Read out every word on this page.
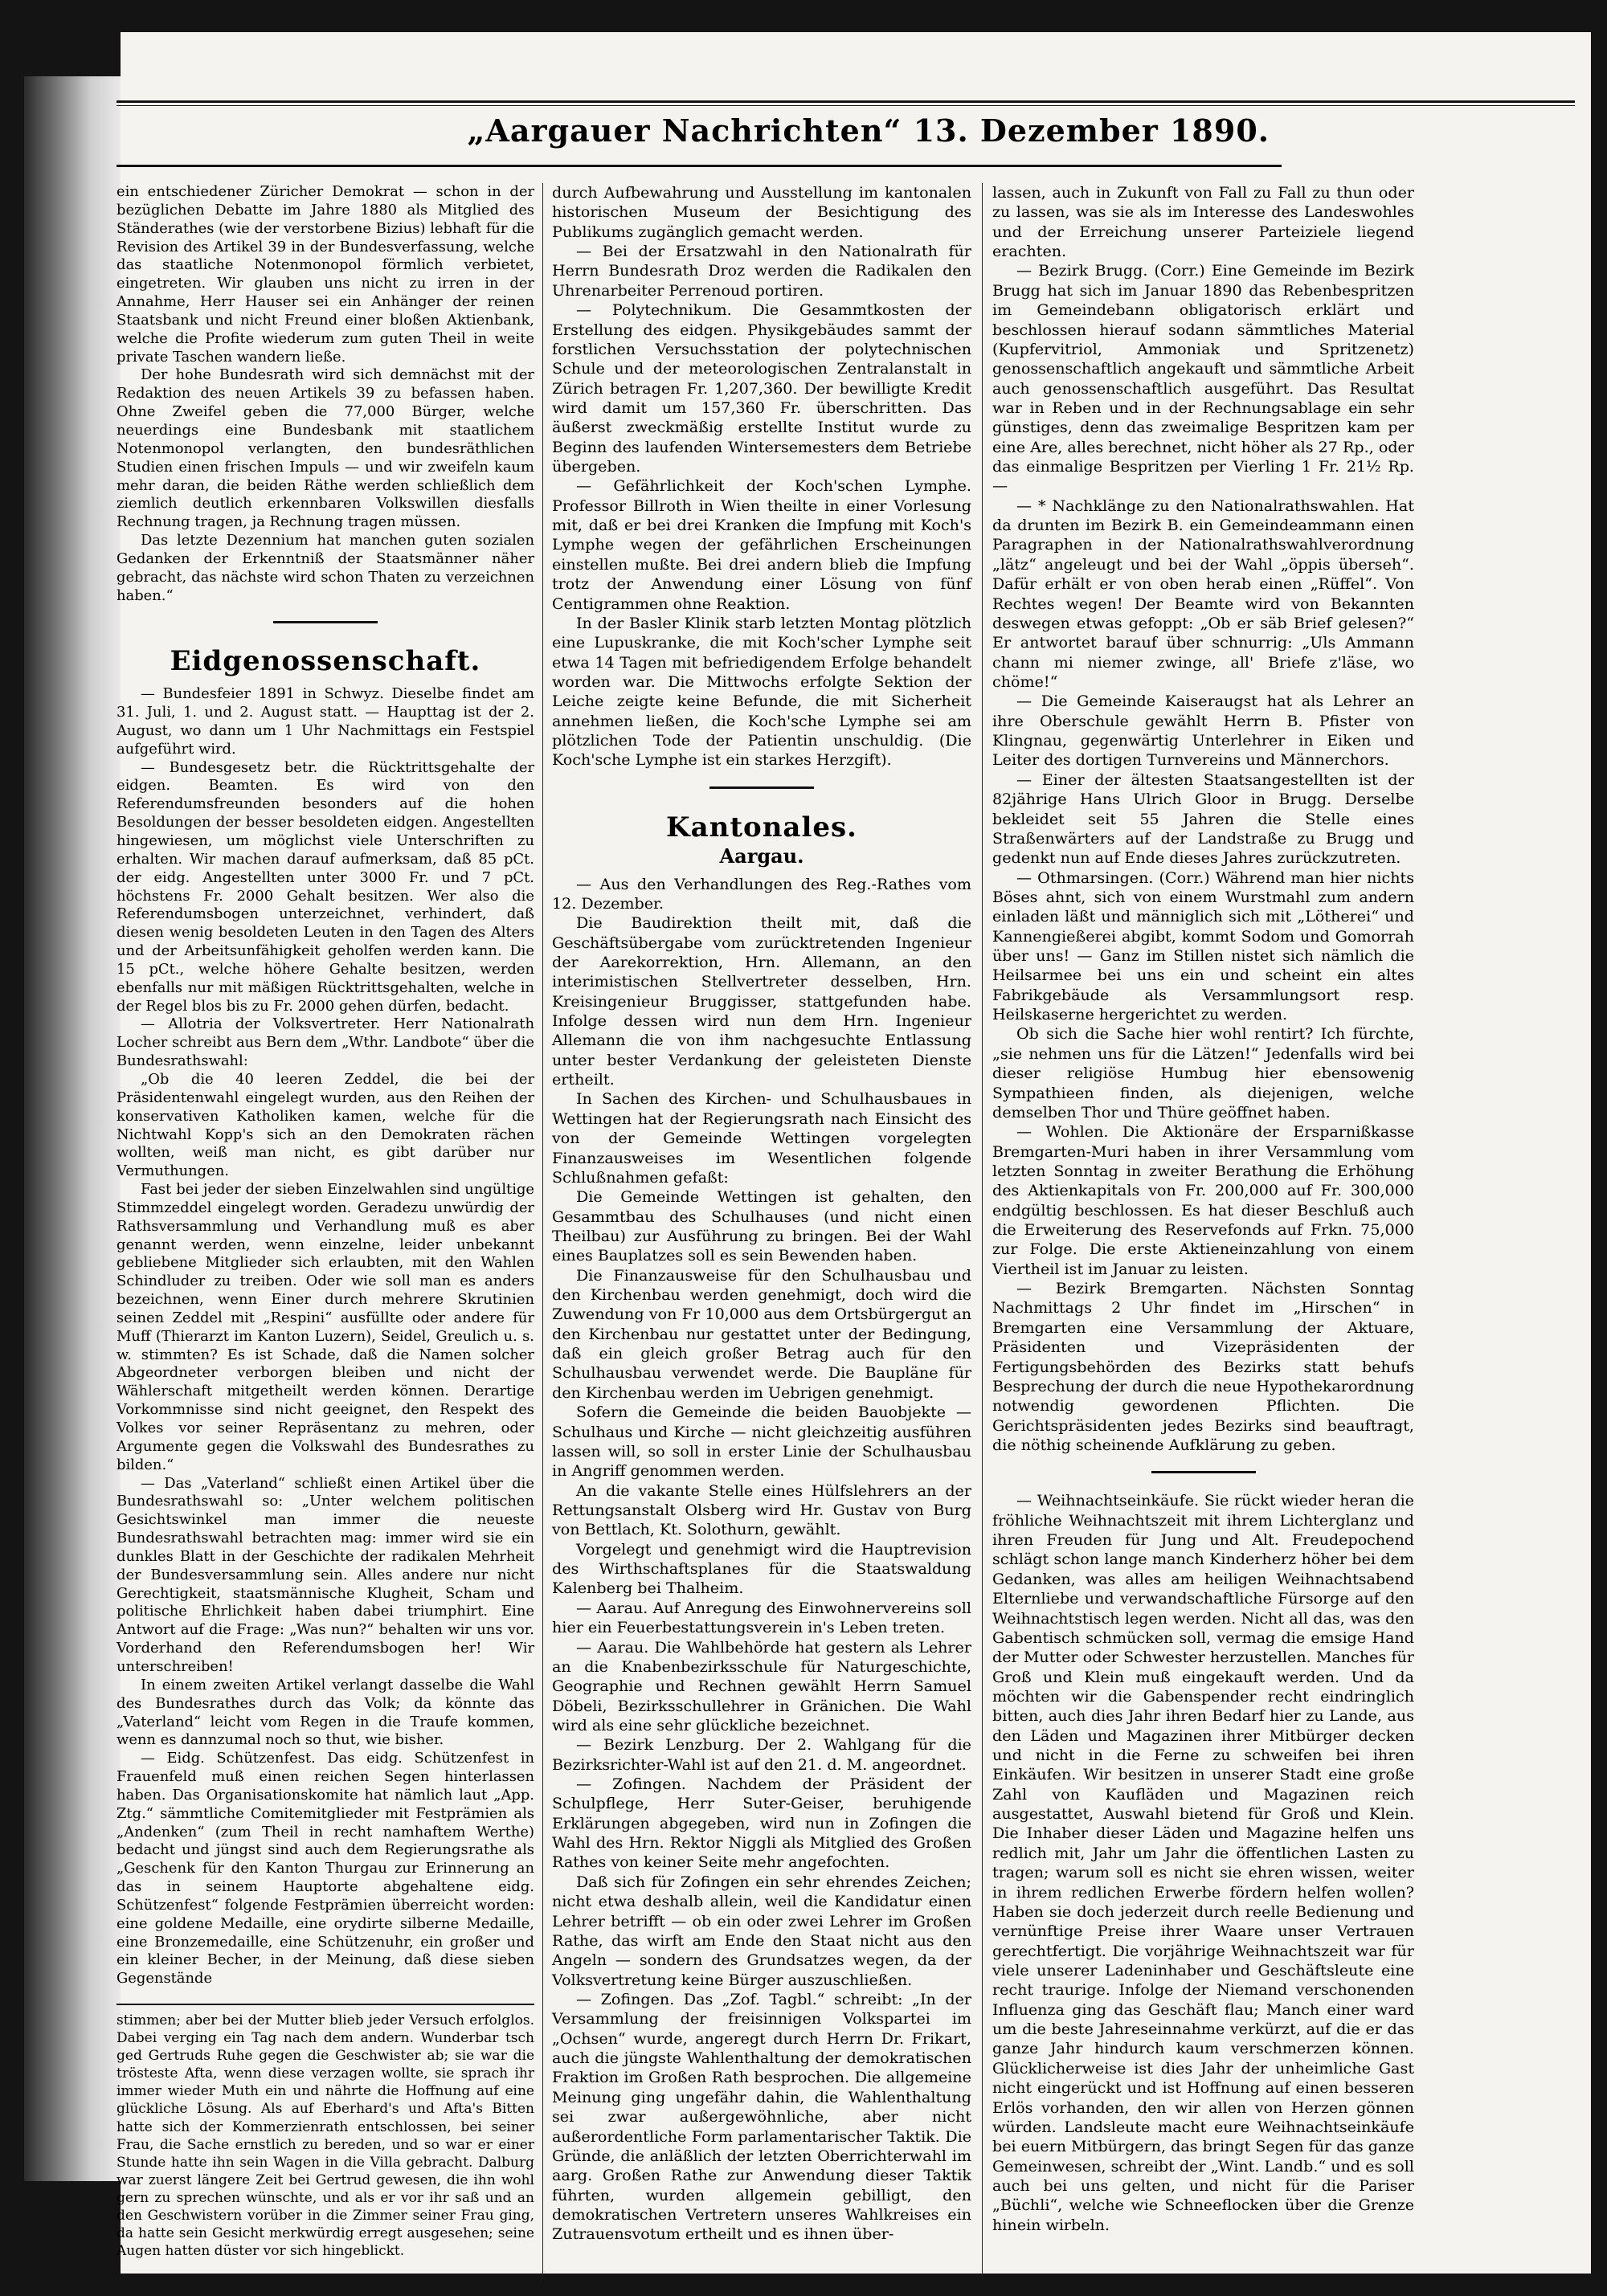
„Aargauer Nachrichten“ 13. Dezember 1890.

ein entschiedener Züricher Demokrat — schon in der bezüglichen Debatte im Jahre 1880 als Mitglied des Ständerathes (wie der verstorbene Bizius) lebhaft für die Revision des Artikel 39 in der Bundesverfassung, welche das staatliche Notenmonopol förmlich verbietet, eingetreten. Wir glauben uns nicht zu irren in der Annahme, Herr Hauser sei ein Anhänger der reinen Staatsbank und nicht Freund einer bloßen Aktienbank, welche die Profite wiederum zum guten Theil in weite private Taschen wandern ließe.

Der hohe Bundesrath wird sich demnächst mit der Redaktion des neuen Artikels 39 zu befassen haben. Ohne Zweifel geben die 77,000 Bürger, welche neuerdings eine Bundesbank mit staatlichem Notenmonopol verlangten, den bundesräthlichen Studien einen frischen Impuls — und wir zweifeln kaum mehr daran, die beiden Räthe werden schließlich dem ziemlich deutlich erkennbaren Volkswillen diesfalls Rechnung tragen, ja Rechnung tragen müssen.

Das letzte Dezennium hat manchen guten sozialen Gedanken der Erkenntniß der Staatsmänner näher gebracht, das nächste wird schon Thaten zu verzeichnen haben.“

Eidgenossenschaft.

— Bundesfeier 1891 in Schwyz. Dieselbe findet am 31. Juli, 1. und 2. August statt. — Haupttag ist der 2. August, wo dann um 1 Uhr Nachmittags ein Festspiel aufgeführt wird.

— Bundesgesetz betr. die Rücktrittsgehalte der eidgen. Beamten. Es wird von den Referendumsfreunden besonders auf die hohen Besoldungen der besser besoldeten eidgen. Angestellten hingewiesen, um möglichst viele Unterschriften zu erhalten. Wir machen darauf aufmerksam, daß 85 pCt. der eidg. Angestellten unter 3000 Fr. und 7 pCt. höchstens Fr. 2000 Gehalt besitzen. Wer also die Referendumsbogen unterzeichnet, verhindert, daß diesen wenig besoldeten Leuten in den Tagen des Alters und der Arbeitsunfähigkeit geholfen werden kann. Die 15 pCt., welche höhere Gehalte besitzen, werden ebenfalls nur mit mäßigen Rücktrittsgehalten, welche in der Regel blos bis zu Fr. 2000 gehen dürfen, bedacht.

— Allotria der Volksvertreter. Herr Nationalrath Locher schreibt aus Bern dem „Wthr. Landbote“ über die Bundesrathswahl:

„Ob die 40 leeren Zeddel, die bei der Präsidentenwahl eingelegt wurden, aus den Reihen der konservativen Katholiken kamen, welche für die Nichtwahl Kopp's sich an den Demokraten rächen wollten, weiß man nicht, es gibt darüber nur Vermuthungen.

Fast bei jeder der sieben Einzelwahlen sind ungültige Stimmzeddel eingelegt worden. Geradezu unwürdig der Rathsversammlung und Verhandlung muß es aber genannt werden, wenn einzelne, leider unbekannt gebliebene Mitglieder sich erlaubten, mit den Wahlen Schindluder zu treiben. Oder wie soll man es anders bezeichnen, wenn Einer durch mehrere Skrutinien seinen Zeddel mit „Respini“ ausfüllte oder andere für Muff (Thierarzt im Kanton Luzern), Seidel, Greulich u. s. w. stimmten? Es ist Schade, daß die Namen solcher Abgeordneter verborgen bleiben und nicht der Wählerschaft mitgetheilt werden können. Derartige Vorkommnisse sind nicht geeignet, den Respekt des Volkes vor seiner Repräsentanz zu mehren, oder Argumente gegen die Volkswahl des Bundesrathes zu bilden.“

— Das „Vaterland“ schließt einen Artikel über die Bundesrathswahl so: „Unter welchem politischen Gesichtswinkel man immer die neueste Bundesrathswahl betrachten mag: immer wird sie ein dunkles Blatt in der Geschichte der radikalen Mehrheit der Bundesversammlung sein. Alles andere nur nicht Gerechtigkeit, staatsmännische Klugheit, Scham und politische Ehrlichkeit haben dabei triumphirt. Eine Antwort auf die Frage: „Was nun?“ behalten wir uns vor. Vorderhand den Referendumsbogen her! Wir unterschreiben!

In einem zweiten Artikel verlangt dasselbe die Wahl des Bundesrathes durch das Volk; da könnte das „Vaterland“ leicht vom Regen in die Traufe kommen, wenn es dannzumal noch so thut, wie bisher.

— Eidg. Schützenfest. Das eidg. Schützenfest in Frauenfeld muß einen reichen Segen hinterlassen haben. Das Organisationskomite hat nämlich laut „App. Ztg.“ sämmtliche Comitemitglieder mit Festprämien als „Andenken“ (zum Theil in recht namhaftem Werthe) bedacht und jüngst sind auch dem Regierungsrathe als „Geschenk für den Kanton Thurgau zur Erinnerung an das in seinem Hauptorte abgehaltene eidg. Schützenfest“ folgende Festprämien überreicht worden: eine goldene Medaille, eine orydirte silberne Medaille, eine Bronzemedaille, eine Schützenuhr, ein großer und ein kleiner Becher, in der Meinung, daß diese sieben Gegenstände

stimmen; aber bei der Mutter blieb jeder Versuch erfolglos. Dabei verging ein Tag nach dem andern. Wunderbar tsch ged Gertruds Ruhe gegen die Geschwister ab; sie war die trösteste Afta, wenn diese verzagen wollte, sie sprach ihr immer wieder Muth ein und nährte die Hoffnung auf eine glückliche Lösung. Als auf Eberhard's und Afta's Bitten hatte sich der Kommerzienrath entschlossen, bei seiner Frau, die Sache ernstlich zu bereden, und so war er einer Stunde hatte ihn sein Wagen in die Villa gebracht. Dalburg war zuerst längere Zeit bei Gertrud gewesen, die ihn wohl gern zu sprechen wünschte, und als er vor ihr saß und an den Geschwistern vorüber in die Zimmer seiner Frau ging, da hatte sein Gesicht merkwürdig erregt ausgesehen; seine Augen hatten düster vor sich hingeblickt.

durch Aufbewahrung und Ausstellung im kantonalen historischen Museum der Besichtigung des Publikums zugänglich gemacht werden.

— Bei der Ersatzwahl in den Nationalrath für Herrn Bundesrath Droz werden die Radikalen den Uhrenarbeiter Perrenoud portiren.

— Polytechnikum. Die Gesammtkosten der Erstellung des eidgen. Physikgebäudes sammt der forstlichen Versuchsstation der polytechnischen Schule und der meteorologischen Zentralanstalt in Zürich betragen Fr. 1,207,360. Der bewilligte Kredit wird damit um 157,360 Fr. überschritten. Das äußerst zweckmäßig erstellte Institut wurde zu Beginn des laufenden Wintersemesters dem Betriebe übergeben.

— Gefährlichkeit der Koch'schen Lymphe. Professor Billroth in Wien theilte in einer Vorlesung mit, daß er bei drei Kranken die Impfung mit Koch's Lymphe wegen der gefährlichen Erscheinungen einstellen mußte. Bei drei andern blieb die Impfung trotz der Anwendung einer Lösung von fünf Centigrammen ohne Reaktion.

In der Basler Klinik starb letzten Montag plötzlich eine Lupuskranke, die mit Koch'scher Lymphe seit etwa 14 Tagen mit befriedigendem Erfolge behandelt worden war. Die Mittwochs erfolgte Sektion der Leiche zeigte keine Befunde, die mit Sicherheit annehmen ließen, die Koch'sche Lymphe sei am plötzlichen Tode der Patientin unschuldig. (Die Koch'sche Lymphe ist ein starkes Herzgift).

Kantonales.
Aargau.

— Aus den Verhandlungen des Reg.-Rathes vom 12. Dezember.

Die Baudirektion theilt mit, daß die Geschäftsübergabe vom zurücktretenden Ingenieur der Aarekorrektion, Hrn. Allemann, an den interimistischen Stellvertreter desselben, Hrn. Kreisingenieur Bruggisser, stattgefunden habe. Infolge dessen wird nun dem Hrn. Ingenieur Allemann die von ihm nachgesuchte Entlassung unter bester Verdankung der geleisteten Dienste ertheilt.

In Sachen des Kirchen- und Schulhausbaues in Wettingen hat der Regierungsrath nach Einsicht des von der Gemeinde Wettingen vorgelegten Finanzausweises im Wesentlichen folgende Schlußnahmen gefaßt:

Die Gemeinde Wettingen ist gehalten, den Gesammtbau des Schulhauses (und nicht einen Theilbau) zur Ausführung zu bringen. Bei der Wahl eines Bauplatzes soll es sein Bewenden haben.

Die Finanzausweise für den Schulhausbau und den Kirchenbau werden genehmigt, doch wird die Zuwendung von Fr 10,000 aus dem Ortsbürgergut an den Kirchenbau nur gestattet unter der Bedingung, daß ein gleich großer Betrag auch für den Schulhausbau verwendet werde. Die Baupläne für den Kirchenbau werden im Uebrigen genehmigt.

Sofern die Gemeinde die beiden Bauobjekte — Schulhaus und Kirche — nicht gleichzeitig ausführen lassen will, so soll in erster Linie der Schulhausbau in Angriff genommen werden.

An die vakante Stelle eines Hülfslehrers an der Rettungsanstalt Olsberg wird Hr. Gustav von Burg von Bettlach, Kt. Solothurn, gewählt.

Vorgelegt und genehmigt wird die Hauptrevision des Wirthschaftsplanes für die Staatswaldung Kalenberg bei Thalheim.

— Aarau. Auf Anregung des Einwohnervereins soll hier ein Feuerbestattungsverein in's Leben treten.

— Aarau. Die Wahlbehörde hat gestern als Lehrer an die Knabenbezirksschule für Naturgeschichte, Geographie und Rechnen gewählt Herrn Samuel Döbeli, Bezirksschullehrer in Gränichen. Die Wahl wird als eine sehr glückliche bezeichnet.

— Bezirk Lenzburg. Der 2. Wahlgang für die Bezirksrichter-Wahl ist auf den 21. d. M. angeordnet.

— Zofingen. Nachdem der Präsident der Schulpflege, Herr Suter-Geiser, beruhigende Erklärungen abgegeben, wird nun in Zofingen die Wahl des Hrn. Rektor Niggli als Mitglied des Großen Rathes von keiner Seite mehr angefochten.

Daß sich für Zofingen ein sehr ehrendes Zeichen; nicht etwa deshalb allein, weil die Kandidatur einen Lehrer betrifft — ob ein oder zwei Lehrer im Großen Rathe, das wirft am Ende den Staat nicht aus den Angeln — sondern des Grundsatzes wegen, da der Volksvertretung keine Bürger auszuschließen.

— Zofingen. Das „Zof. Tagbl.“ schreibt: „In der Versammlung der freisinnigen Volkspartei im „Ochsen“ wurde, angeregt durch Herrn Dr. Frikart, auch die jüngste Wahlenthaltung der demokratischen Fraktion im Großen Rath besprochen. Die allgemeine Meinung ging ungefähr dahin, die Wahlenthaltung sei zwar außergewöhnliche, aber nicht außerordentliche Form parlamentarischer Taktik. Die Gründe, die anläßlich der letzten Oberrichterwahl im aarg. Großen Rathe zur Anwendung dieser Taktik führten, wurden allgemein gebilligt, den demokratischen Vertretern unseres Wahlkreises ein Zutrauensvotum ertheilt und es ihnen über-

lassen, auch in Zukunft von Fall zu Fall zu thun oder zu lassen, was sie als im Interesse des Landeswohles und der Erreichung unserer Parteiziele liegend erachten.

— Bezirk Brugg. (Corr.) Eine Gemeinde im Bezirk Brugg hat sich im Januar 1890 das Rebenbespritzen im Gemeindebann obligatorisch erklärt und beschlossen hierauf sodann sämmtliches Material (Kupfervitriol, Ammoniak und Spritzenetz) genossenschaftlich angekauft und sämmtliche Arbeit auch genossenschaftlich ausgeführt. Das Resultat war in Reben und in der Rechnungsablage ein sehr günstiges, denn das zweimalige Bespritzen kam per eine Are, alles berechnet, nicht höher als 27 Rp., oder das einmalige Bespritzen per Vierling 1 Fr. 21½ Rp. —

— * Nachklänge zu den Nationalrathswahlen. Hat da drunten im Bezirk B. ein Gemeindeammann einen Paragraphen in der Nationalrathswahlverordnung „lätz“ angeleugt und bei der Wahl „öppis überseh“. Dafür erhält er von oben herab einen „Rüffel“. Von Rechtes wegen! Der Beamte wird von Bekannten deswegen etwas gefoppt: „Ob er säb Brief gelesen?“ Er antwortet barauf über schnurrig: „Uls Ammann chann mi niemer zwinge, all' Briefe z'läse, wo chöme!“

— Die Gemeinde Kaiseraugst hat als Lehrer an ihre Oberschule gewählt Herrn B. Pfister von Klingnau, gegenwärtig Unterlehrer in Eiken und Leiter des dortigen Turnvereins und Männerchors.

— Einer der ältesten Staatsangestellten ist der 82jährige Hans Ulrich Gloor in Brugg. Derselbe bekleidet seit 55 Jahren die Stelle eines Straßenwärters auf der Landstraße zu Brugg und gedenkt nun auf Ende dieses Jahres zurückzutreten.

— Othmarsingen. (Corr.) Während man hier nichts Böses ahnt, sich von einem Wurstmahl zum andern einladen läßt und männiglich sich mit „Lötherei“ und Kannengießerei abgibt, kommt Sodom und Gomorrah über uns! — Ganz im Stillen nistet sich nämlich die Heilsarmee bei uns ein und scheint ein altes Fabrikgebäude als Versammlungsort resp. Heilskaserne hergerichtet zu werden.

Ob sich die Sache hier wohl rentirt? Ich fürchte, „sie nehmen uns für die Lätzen!“ Jedenfalls wird bei dieser religiöse Humbug hier ebensowenig Sympathieen finden, als diejenigen, welche demselben Thor und Thüre geöffnet haben.

— Wohlen. Die Aktionäre der Ersparnißkasse Bremgarten-Muri haben in ihrer Versammlung vom letzten Sonntag in zweiter Berathung die Erhöhung des Aktienkapitals von Fr. 200,000 auf Fr. 300,000 endgültig beschlossen. Es hat dieser Beschluß auch die Erweiterung des Reservefonds auf Frkn. 75,000 zur Folge. Die erste Aktieneinzahlung von einem Viertheil ist im Januar zu leisten.

— Bezirk Bremgarten. Nächsten Sonntag Nachmittags 2 Uhr findet im „Hirschen“ in Bremgarten eine Versammlung der Aktuare, Präsidenten und Vizepräsidenten der Fertigungsbehörden des Bezirks statt behufs Besprechung der durch die neue Hypothekarordnung notwendig gewordenen Pflichten. Die Gerichtspräsidenten jedes Bezirks sind beauftragt, die nöthig scheinende Aufklärung zu geben.

— Weihnachtseinkäufe. Sie rückt wieder heran die fröhliche Weihnachtszeit mit ihrem Lichterglanz und ihren Freuden für Jung und Alt. Freudepochend schlägt schon lange manch Kinderherz höher bei dem Gedanken, was alles am heiligen Weihnachtsabend Elternliebe und verwandschaftliche Fürsorge auf den Weihnachtstisch legen werden. Nicht all das, was den Gabentisch schmücken soll, vermag die emsige Hand der Mutter oder Schwester herzustellen. Manches für Groß und Klein muß eingekauft werden. Und da möchten wir die Gabenspender recht eindringlich bitten, auch dies Jahr ihren Bedarf hier zu Lande, aus den Läden und Magazinen ihrer Mitbürger decken und nicht in die Ferne zu schweifen bei ihren Einkäufen. Wir besitzen in unserer Stadt eine große Zahl von Kaufläden und Magazinen reich ausgestattet, Auswahl bietend für Groß und Klein. Die Inhaber dieser Läden und Magazine helfen uns redlich mit, Jahr um Jahr die öffentlichen Lasten zu tragen; warum soll es nicht sie ehren wissen, weiter in ihrem redlichen Erwerbe fördern helfen wollen? Haben sie doch jederzeit durch reelle Bedienung und vernünftige Preise ihrer Waare unser Vertrauen gerechtfertigt. Die vorjährige Weihnachtszeit war für viele unserer Ladeninhaber und Geschäftsleute eine recht traurige. Infolge der Niemand verschonenden Influenza ging das Geschäft flau; Manch einer ward um die beste Jahreseinnahme verkürzt, auf die er das ganze Jahr hindurch kaum verschmerzen können. Glücklicherweise ist dies Jahr der unheimliche Gast nicht eingerückt und ist Hoffnung auf einen besseren Erlös vorhanden, den wir allen von Herzen gönnen würden. Landsleute macht eure Weihnachtseinkäufe bei euern Mitbürgern, das bringt Segen für das ganze Gemeinwesen, schreibt der „Wint. Landb.“ und es soll auch bei uns gelten, und nicht für die Pariser „Büchli“, welche wie Schneeflocken über die Grenze hinein wirbeln.
